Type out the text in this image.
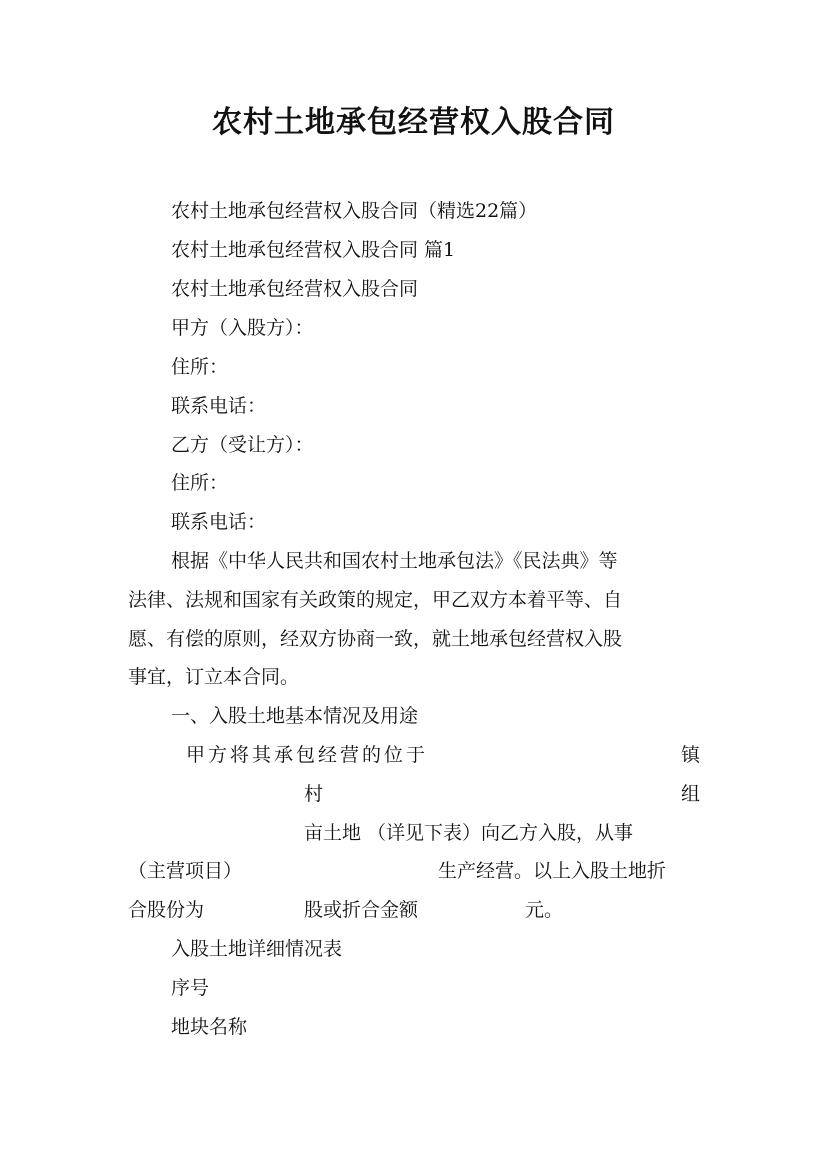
农村土地承包经营权入股合同
农村土地承包经营权入股合同（精选22篇）
农村土地承包经营权入股合同 篇1
农村土地承包经营权入股合同
甲方（入股方）：
住所：
联系电话：
乙方（受让方）：
住所：
联系电话：
根据《中华人民共和国农村土地承包法》《民法典》等
法律、法规和国家有关政策的规定，甲乙双方本着平等、自
愿、有偿的原则，经双方协商一致，就土地承包经营权入股
事宜，订立本合同。
一、入股土地基本情况及用途
甲方将其承包经营的位于	镇
村	组
亩土地 （详见下表）向乙方入股，从事
（主营项目）	生产经营。以上入股土地折
合股份为	股或折合金额	元。
入股土地详细情况表
序号
地块名称
